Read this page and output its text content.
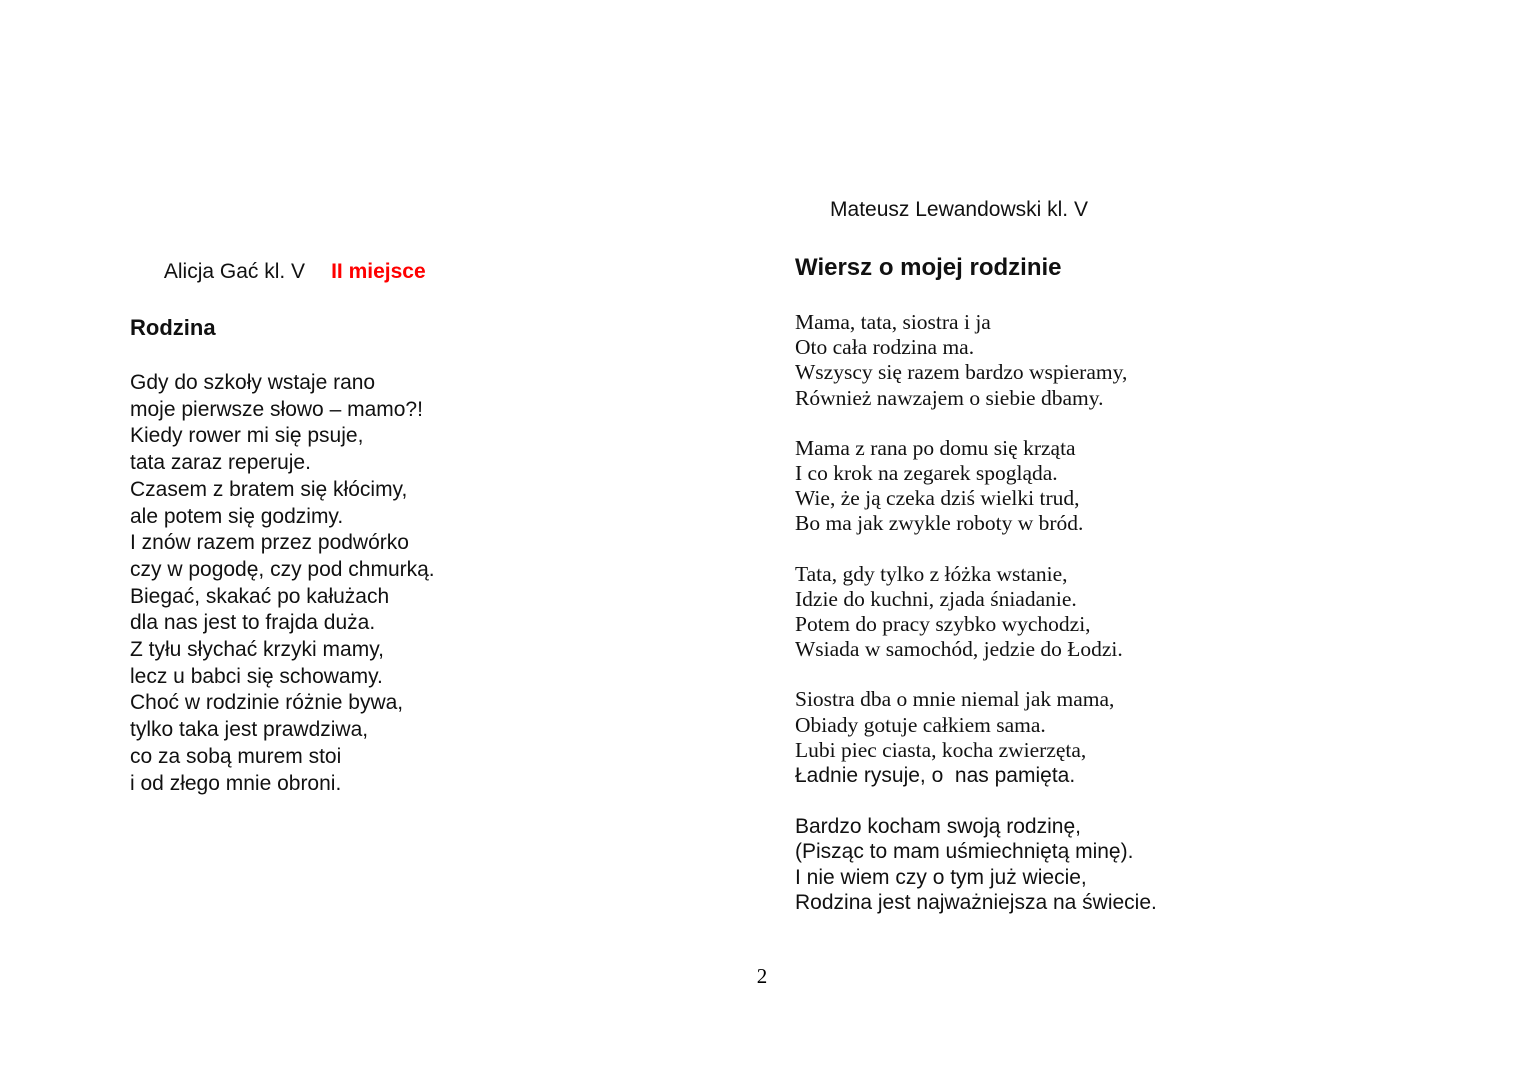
Alicja Gać kl. V II miejsce

Rodzina
Gdy do szkoły wstaje rano
moje pierwsze słowo – mamo?!
Kiedy rower mi się psuje,
tata zaraz reperuje.
Czasem z bratem się kłócimy,
ale potem się godzimy.
I znów razem przez podwórko
czy w pogodę, czy pod chmurką.
Biegać, skakać po kałużach
dla nas jest to frajda duża.
Z tyłu słychać krzyki mamy,
lecz u babci się schowamy.
Choć w rodzinie różnie bywa,
tylko taka jest prawdziwa,
co za sobą murem stoi
i od złego mnie obroni.

Mateusz Lewandowski kl. V

Wiersz o mojej rodzinie
Mama, tata, siostra i ja
Oto cała rodzina ma.
Wszyscy się razem bardzo wspieramy,
Również nawzajem o siebie dbamy.
Mama z rana po domu się krząta
I co krok na zegarek spogląda.
Wie, że ją czeka dziś wielki trud,
Bo ma jak zwykle roboty w bród.
Tata, gdy tylko z łóżka wstanie,
Idzie do kuchni, zjada śniadanie.
Potem do pracy szybko wychodzi,
Wsiada w samochód, jedzie do Łodzi.
Siostra dba o mnie niemal jak mama,
Obiady gotuje całkiem sama.
Lubi piec ciasta, kocha zwierzęta,
Ładnie rysuje, o  nas pamięta.
Bardzo kocham swoją rodzinę,
(Pisząc to mam uśmiechniętą minę).
I nie wiem czy o tym już wiecie,
Rodzina jest najważniejsza na świecie.
2
